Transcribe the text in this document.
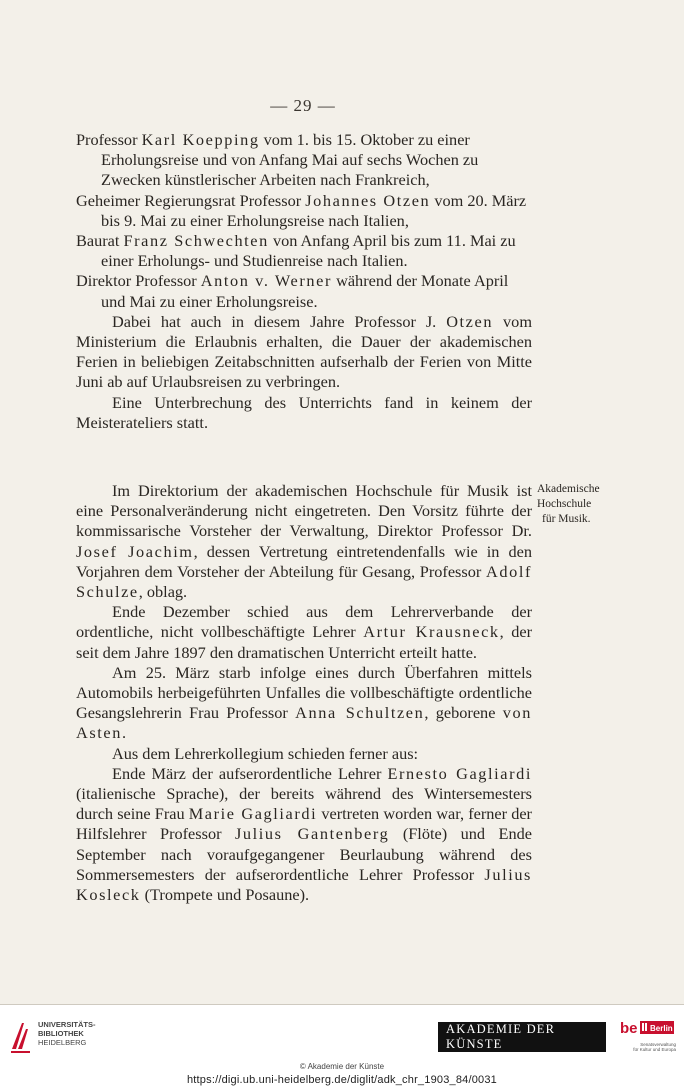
— 29 —

Professor Karl Koepping vom 1. bis 15. Oktober zu einer Erholungsreise und von Anfang Mai auf sechs Wochen zu Zwecken künstlerischer Arbeiten nach Frankreich,

Geheimer Regierungsrat Professor Johannes Otzen vom 20. März bis 9. Mai zu einer Erholungsreise nach Italien,

Baurat Franz Schwechten von Anfang April bis zum 11. Mai zu einer Erholungs- und Studienreise nach Italien.

Direktor Professor Anton v. Werner während der Monate April und Mai zu einer Erholungsreise.

Dabei hat auch in diesem Jahre Professor J. Otzen vom Ministerium die Erlaubnis erhalten, die Dauer der akademischen Ferien in beliebigen Zeitabschnitten aufserhalb der Ferien von Mitte Juni ab auf Urlaubsreisen zu verbringen.

Eine Unterbrechung des Unterrichts fand in keinem der Meisterateliers statt.

Im Direktorium der akademischen Hochschule für Musik ist eine Personalveränderung nicht eingetreten. Den Vorsitz führte der kommissarische Vorsteher der Verwaltung, Direktor Professor Dr. Josef Joachim, dessen Vertretung eintretendenfalls wie in den Vorjahren dem Vorsteher der Abteilung für Gesang, Professor Adolf Schulze, oblag.

Ende Dezember schied aus dem Lehrerverbande der ordentliche, nicht vollbeschäftigte Lehrer Artur Krausneck, der seit dem Jahre 1897 den dramatischen Unterricht erteilt hatte.

Am 25. März starb infolge eines durch Überfahren mittels Automobils herbeigeführten Unfalles die vollbeschäftigte ordentliche Gesangslehrerin Frau Professor Anna Schultzen, geborene von Asten.

Aus dem Lehrerkollegium schieden ferner aus:

Ende März der aufserordentliche Lehrer Ernesto Gagliardi (italienische Sprache), der bereits während des Wintersemesters durch seine Frau Marie Gagliardi vertreten worden war, ferner der Hilfslehrer Professor Julius Gantenberg (Flöte) und Ende September nach voraufgegangener Beurlaubung während des Sommersemesters der aufserordentliche Lehrer Professor Julius Kosleck (Trompete und Posaune).

Akademische
Hochschule
für Musik.
UNIVERSITÄTS-
BIBLIOTHEK
HEIDELBERG
AKADEMIE DER KÜNSTE
be Berlin
Senatsverwaltung
für Kultur und Europa
© Akademie der Künste
https://digi.ub.uni-heidelberg.de/diglit/adk_chr_1903_84/0031
